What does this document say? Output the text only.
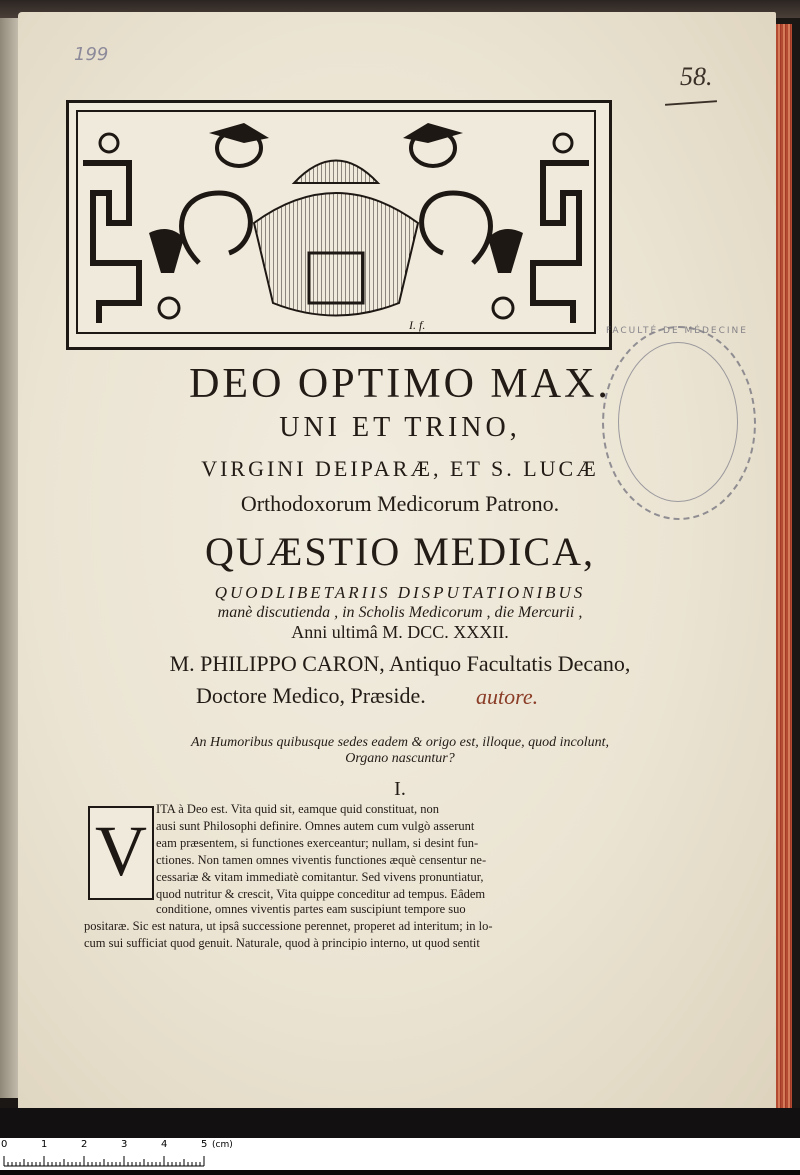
199
58.
I. f.	FACULTÉ DE MÉDECINE
DEO OPTIMO MAX.
UNI ET TRINO,
VIRGINI DEIPARÆ, ET S. LUCÆ
Orthodoxorum Medicorum Patrono.
QUÆSTIO MEDICA,
QUODLIBETARIIS DISPUTATIONIBUS
manè discutienda , in Scholis Medicorum , die Mercurii ,
Anni ultimâ M. DCC. XXXII.
M. PHILIPPO CARON, Antiquo Facultatis Decano,
Doctore Medico, Præside. autore.
An Humoribus quibusque sedes eadem & origo est, illoque, quod incolunt,
Organo nascuntur?
I.
V
ITA à Deo est. Vita quid sit, eamque quid constituat, non
ausi sunt Philosophi definire. Omnes autem cum vulgò asserunt
eam præsentem, si functiones exerceantur; nullam, si desint fun-
ctiones. Non tamen omnes viventis functiones æquè censentur ne-
cessariæ & vitam immediatè comitantur. Sed vivens pronuntiatur,
quod nutritur & crescit, Vita quippe conceditur ad tempus. Eâdem
conditione, omnes viventis partes eam suscipiunt tempore suo
positaræ. Sic est natura, ut ipsâ successione perennet, properet ad interitum; in lo-
cum sui sufficiat quod genuit. Naturale, quod à principio interno, ut quod sentit
0	1	2	3	4	5 (cm)
